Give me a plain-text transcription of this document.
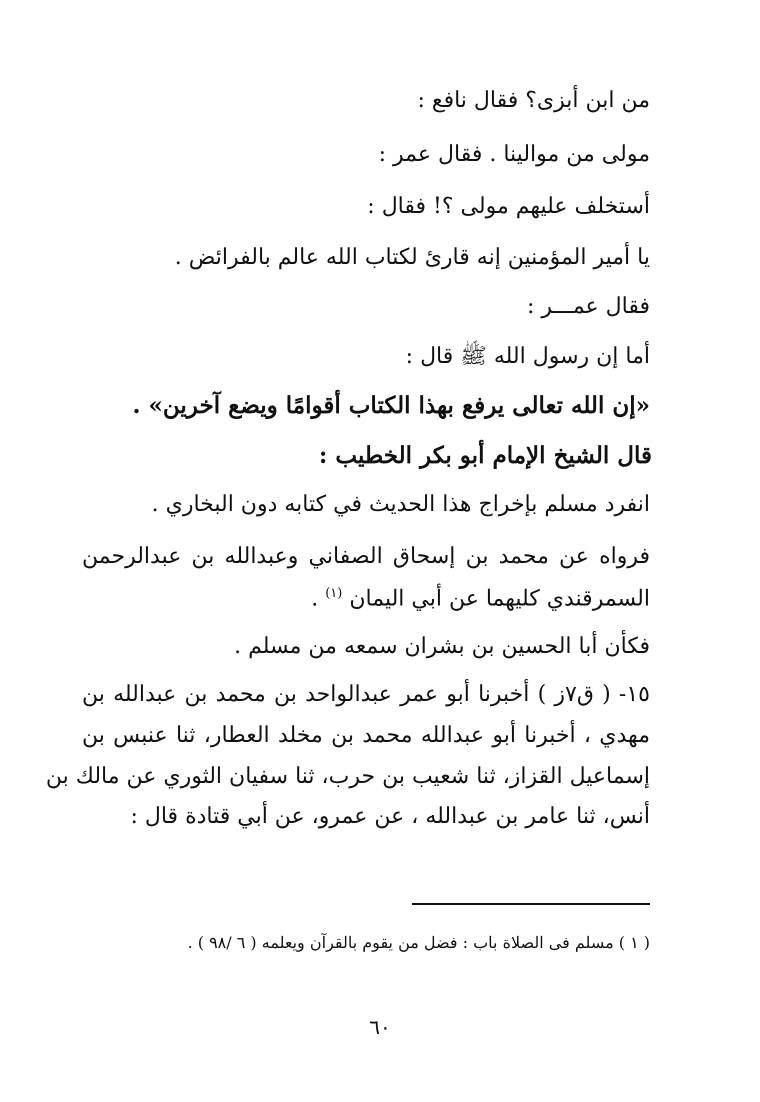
من ابن أبزى؟ فقال نافع :

مولى من موالينا . فقال عمر :

أستخلف عليهم مولى ؟! فقال :

يا أمير المؤمنين إنه قارئ لكتاب الله عالم بالفرائض .

فقال عمـــر :

أما إن رسول الله ﷺ قال :

«إن الله تعالى يرفع بهذا الكتاب أقوامًا ويضع آخرين» .

قال الشيخ الإمام أبو بكر الخطيب :

انفرد مسلم بإخراج هذا الحديث في كتابه دون البخاري .

فرواه عن محمد بن إسحاق الصفاني وعبدالله بن عبدالرحمن

السمرقندي كليهما عن أبي اليمان $^{(١)}$ .

فكأن أبا الحسين بن بشران سمعه من مسلم .

١٥- ( ق٧ز ) أخبرنا أبو عمر عبدالواحد بن محمد بن عبدالله بن

مهدي ، أخبرنا أبو عبدالله محمد بن مخلد العطار، ثنا عنبس بن

إسماعيل القزاز، ثنا شعيب بن حرب، ثنا سفيان الثوري عن مالك بن

أنس، ثنا عامر بن عبدالله ، عن عمرو، عن أبي قتادة قال :

( ١ ) مسلم فى الصلاة باب : فضل من يقوم بالقرآن ويعلمه ( ٦ /٩٨ ) .

٦٠
